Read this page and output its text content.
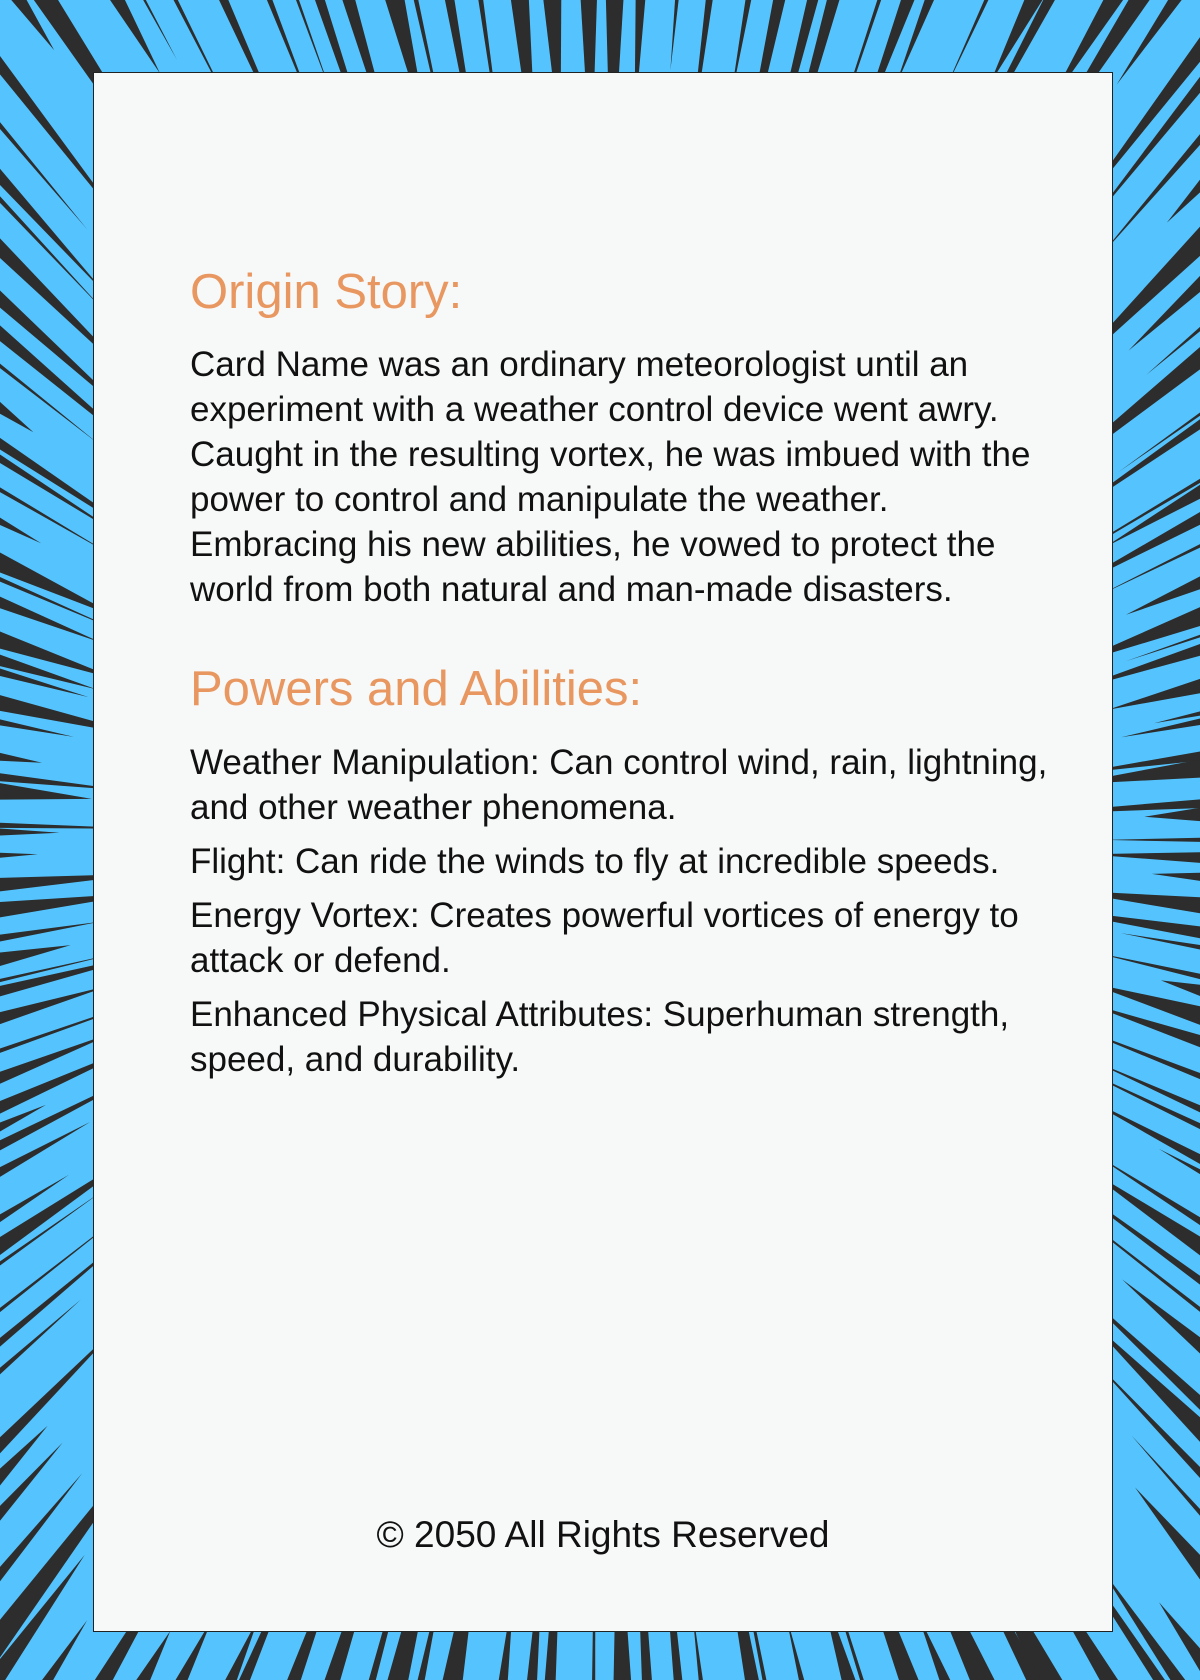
Origin Story:

Card Name was an ordinary meteorologist until an experiment with a weather control device went awry. Caught in the resulting vortex, he was imbued with the power to control and manipulate the weather. Embracing his new abilities, he vowed to protect the world from both natural and man-made disasters.

Powers and Abilities:
Weather Manipulation: Can control wind, rain, lightning, and other weather phenomena.
Flight: Can ride the winds to fly at incredible speeds.
Energy Vortex: Creates powerful vortices of energy to attack or defend.
Enhanced Physical Attributes: Superhuman strength, speed, and durability.
© 2050 All Rights Reserved
